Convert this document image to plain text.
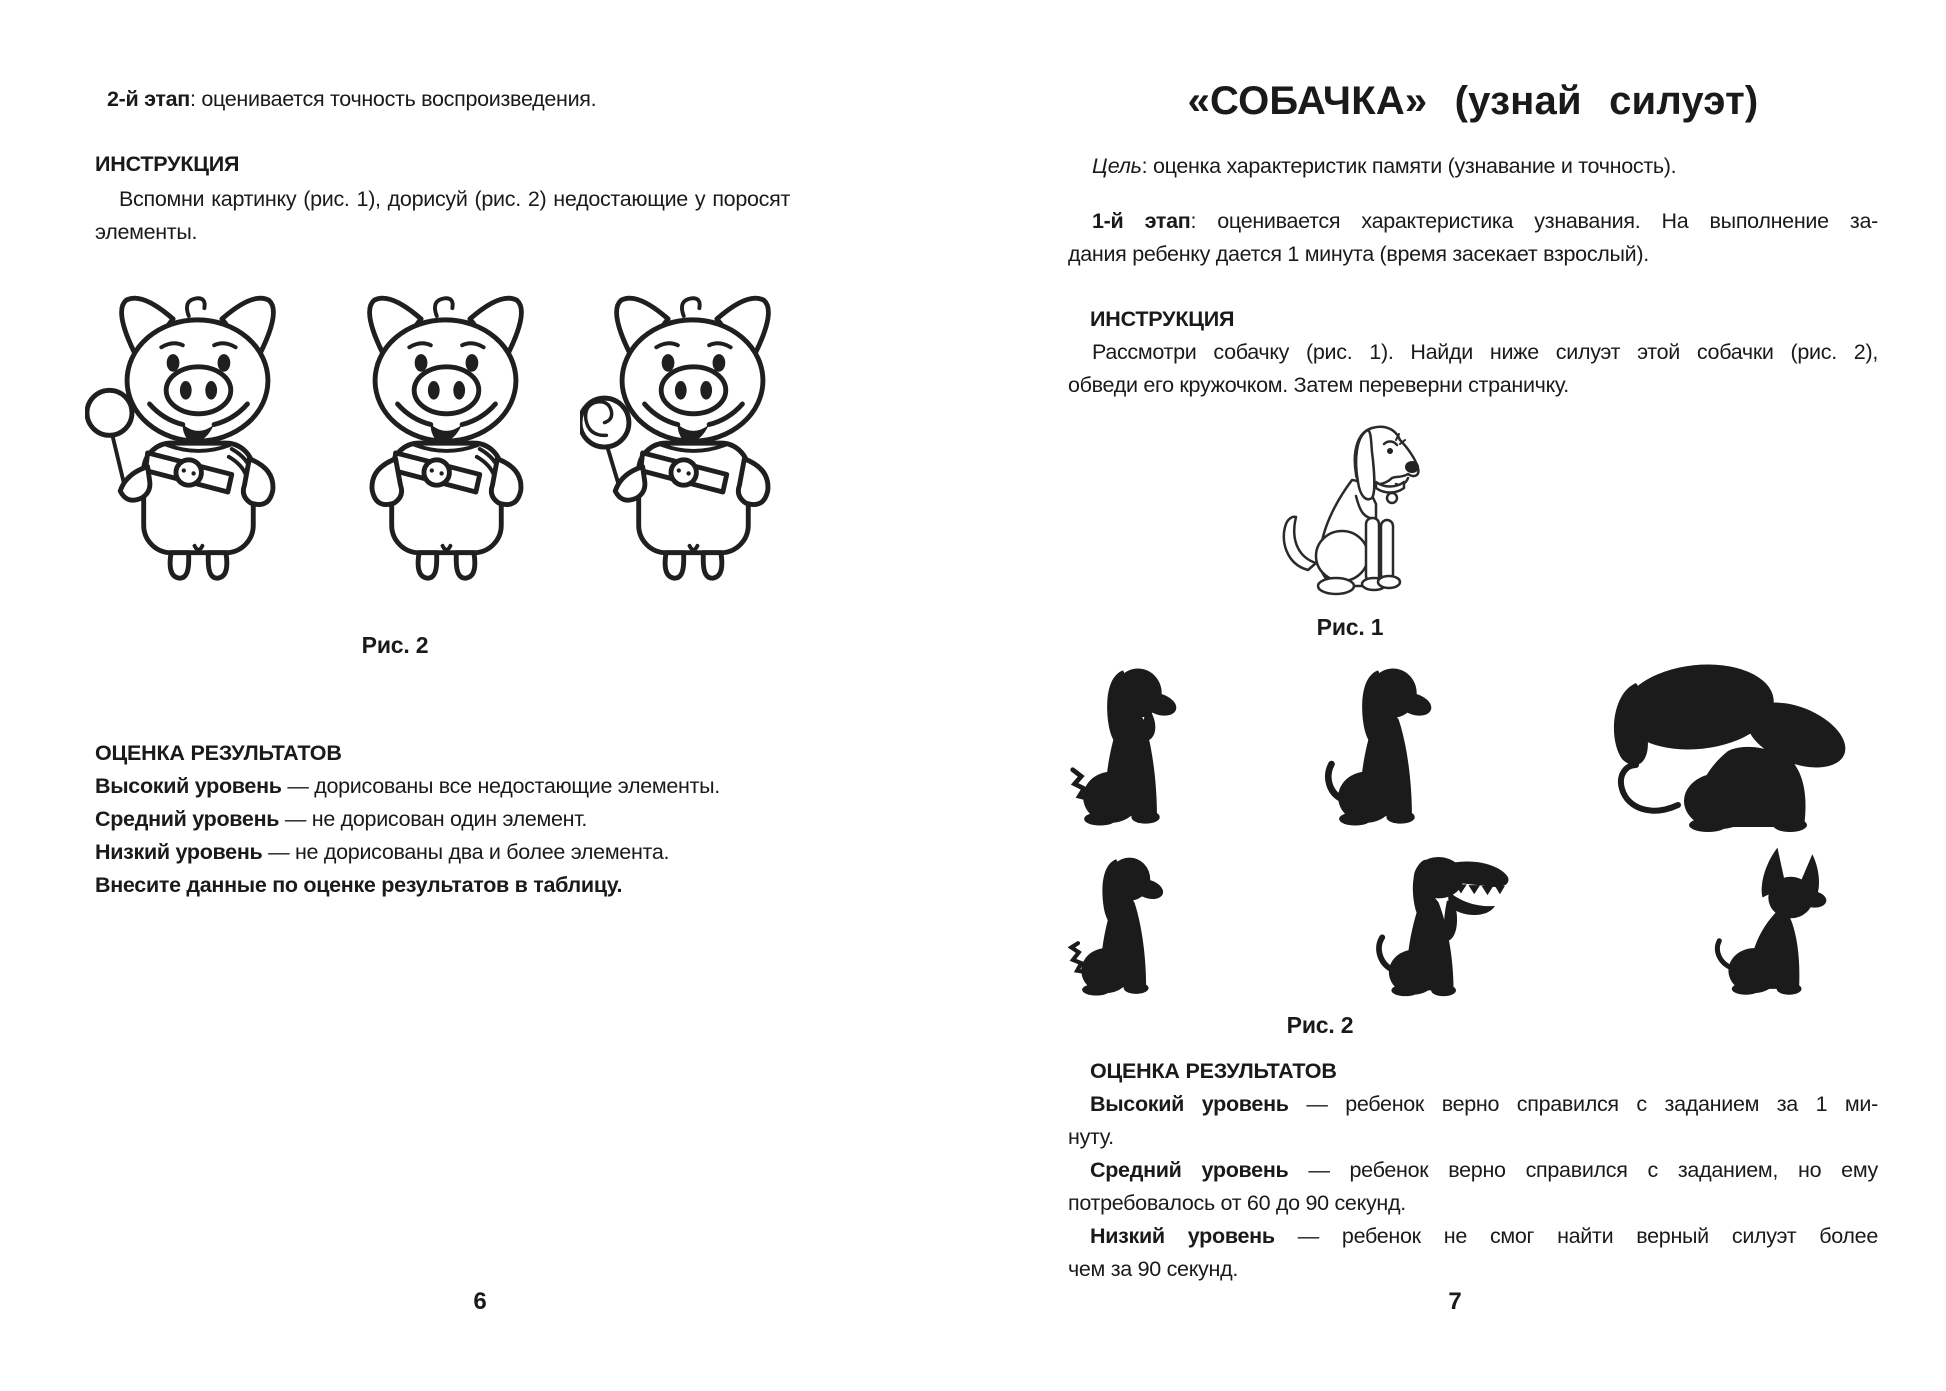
2-й этап: оценивается точность воспроизведения.
ИНСТРУКЦИЯ
Вспомни картинку (рис. 1), дорисуй (рис. 2) недостающие у поросят
элементы.
Рис. 2
ОЦЕНКА РЕЗУЛЬТАТОВ
Высокий уровень — дорисованы все недостающие элементы.
Средний уровень — не дорисован один элемент.
Низкий уровень — не дорисованы два и более элемента.
Внесите данные по оценке результатов в таблицу.
6
«СОБАЧКА» (узнай силуэт)
Цель: оценка характеристик памяти (узнавание и точность).
1-й этап: оценивается характеристика узнавания. На выполнение за-
дания ребенку дается 1 минута (время засекает взрослый).
ИНСТРУКЦИЯ
Рассмотри собачку (рис. 1). Найди ниже силуэт этой собачки (рис. 2),
обведи его кружочком. Затем переверни страничку.
Рис. 1
Рис. 2
ОЦЕНКА РЕЗУЛЬТАТОВ
Высокий уровень — ребенок верно справился с заданием за 1 ми-
нуту.
Средний уровень — ребенок верно справился с заданием, но ему
потребовалось от 60 до 90 секунд.
Низкий уровень — ребенок не смог найти верный силуэт более
чем за 90 секунд.
7
